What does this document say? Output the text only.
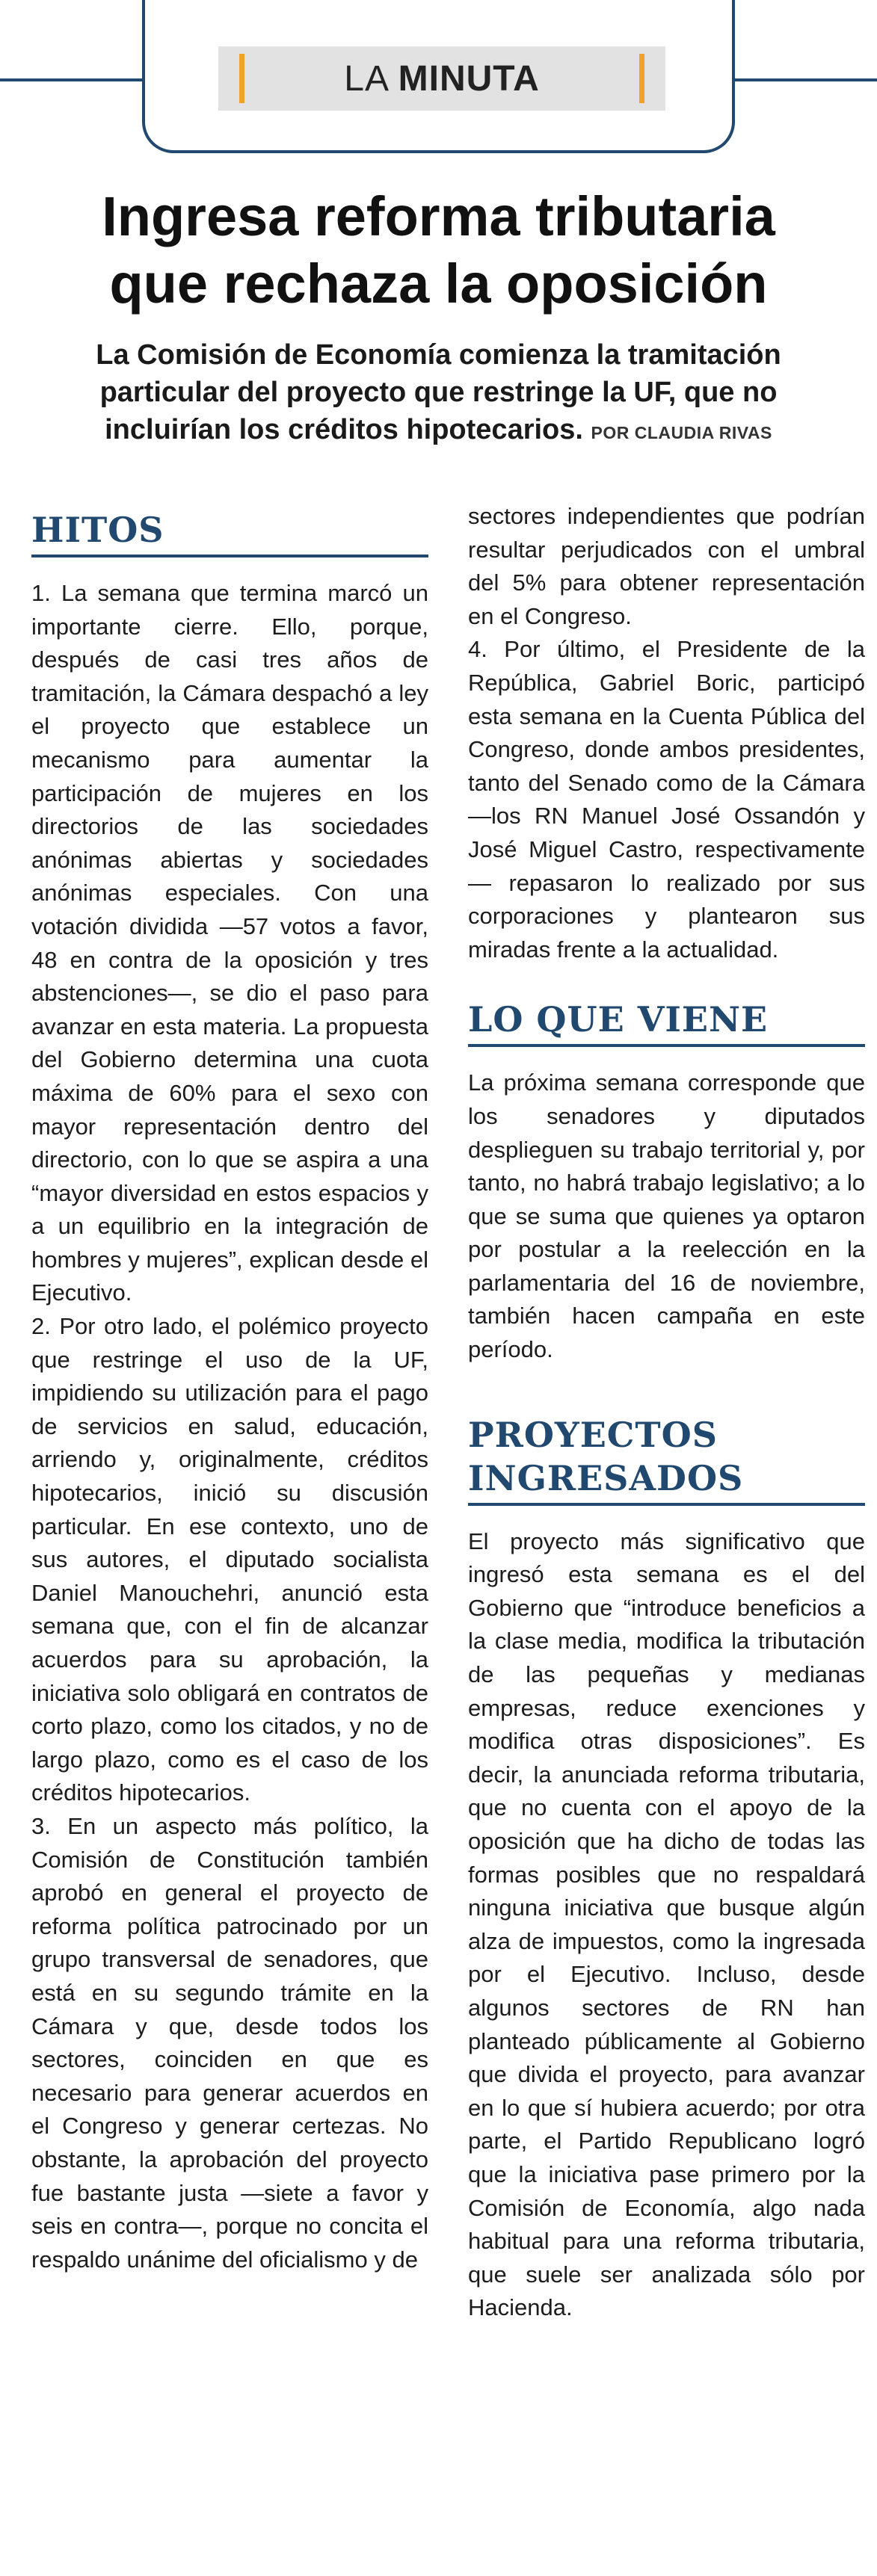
LA MINUTA
Ingresa reforma tributaria
que rechaza la oposición
La Comisión de Economía comienza la tramitación
particular del proyecto que restringe la UF, que no
incluirían los créditos hipotecarios. POR CLAUDIA RIVAS
HITOS

1. La semana que termina marcó un importante cierre. Ello, porque, después de casi tres años de tramitación, la Cámara despachó a ley el proyecto que establece un mecanismo para aumentar la participación de mujeres en los directorios de las sociedades anónimas abiertas y sociedades anónimas especiales. Con una votación dividida —57 votos a favor, 48 en contra de la oposición y tres abstenciones—, se dio el paso para avanzar en esta materia. La propuesta del Gobierno determina una cuota máxima de 60% para el sexo con mayor representación dentro del directorio, con lo que se aspira a una “mayor diversidad en estos espacios y a un equilibrio en la integración de hombres y mujeres”, explican desde el Ejecutivo.

2. Por otro lado, el polémico proyecto que restringe el uso de la UF, impidiendo su utilización para el pago de servicios en salud, educación, arriendo y, originalmente, créditos hipotecarios, inició su discusión particular. En ese contexto, uno de sus autores, el diputado socialista Daniel Manouchehri, anunció esta semana que, con el fin de alcanzar acuerdos para su aprobación, la iniciativa solo obligará en contratos de corto plazo, como los citados, y no de largo plazo, como es el caso de los créditos hipotecarios.

3. En un aspecto más político, la Comisión de Constitución también aprobó en general el proyecto de reforma política patrocinado por un grupo transversal de senadores, que está en su segundo trámite en la Cámara y que, desde todos los sectores, coinciden en que es necesario para generar acuerdos en el Congreso y generar certezas. No obstante, la aprobación del proyecto fue bastante justa —siete a favor y seis en contra—, porque no concita el respaldo unánime del oficialismo y de

sectores independientes que podrían resultar perjudicados con el umbral del 5% para obtener representación en el Congreso.

4. Por último, el Presidente de la República, Gabriel Boric, participó esta semana en la Cuenta Pública del Congreso, donde ambos presidentes, tanto del Senado como de la Cámara —los RN Manuel José Ossandón y José Miguel Castro, respectivamente— repasaron lo realizado por sus corporaciones y plantearon sus miradas frente a la actualidad.

LO QUE VIENE

La próxima semana corresponde que los senadores y diputados desplieguen su trabajo territorial y, por tanto, no habrá trabajo legislativo; a lo que se suma que quienes ya optaron por postular a la reelección en la parlamentaria del 16 de noviembre, también hacen campaña en este período.

PROYECTOS
INGRESADOS

El proyecto más significativo que ingresó esta semana es el del Gobierno que “introduce beneficios a la clase media, modifica la tributación de las pequeñas y medianas empresas, reduce exenciones y modifica otras disposiciones”. Es decir, la anunciada reforma tributaria, que no cuenta con el apoyo de la oposición que ha dicho de todas las formas posibles que no respaldará ninguna iniciativa que busque algún alza de impuestos, como la ingresada por el Ejecutivo. Incluso, desde algunos sectores de RN han planteado públicamente al Gobierno que divida el proyecto, para avanzar en lo que sí hubiera acuerdo; por otra parte, el Partido Republicano logró que la iniciativa pase primero por la Comisión de Economía, algo nada habitual para una reforma tributaria, que suele ser analizada sólo por Hacienda.
